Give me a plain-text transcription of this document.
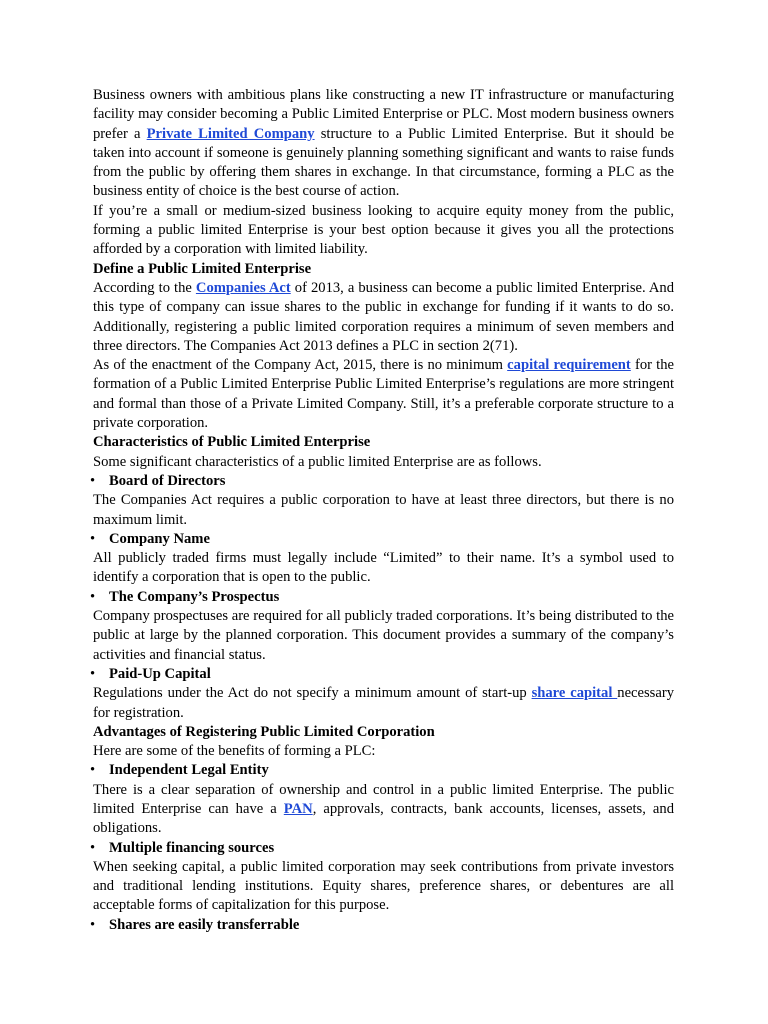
Business owners with ambitious plans like constructing a new IT infrastructure or manufacturing facility may consider becoming a Public Limited Enterprise or PLC. Most modern business owners prefer a Private Limited Company structure to a Public Limited Enterprise. But it should be taken into account if someone is genuinely planning something significant and wants to raise funds from the public by offering them shares in exchange. In that circumstance, forming a PLC as the business entity of choice is the best course of action.

If you’re a small or medium-sized business looking to acquire equity money from the public, forming a public limited Enterprise is your best option because it gives you all the protections afforded by a corporation with limited liability.

Define a Public Limited Enterprise

According to the Companies Act of 2013, a business can become a public limited Enterprise. And this type of company can issue shares to the public in exchange for funding if it wants to do so. Additionally, registering a public limited corporation requires a minimum of seven members and three directors. The Companies Act 2013 defines a PLC in section 2(71).

As of the enactment of the Company Act, 2015, there is no minimum capital requirement for the formation of a Public Limited Enterprise Public Limited Enterprise’s regulations are more stringent and formal than those of a Private Limited Company. Still, it’s a preferable corporate structure to a private corporation.

Characteristics of Public Limited Enterprise

Some significant characteristics of a public limited Enterprise are as follows.

• Board of Directors

The Companies Act requires a public corporation to have at least three directors, but there is no maximum limit.

• Company Name

All publicly traded firms must legally include “Limited” to their name. It’s a symbol used to identify a corporation that is open to the public.

• The Company’s Prospectus

Company prospectuses are required for all publicly traded corporations. It’s being distributed to the public at large by the planned corporation. This document provides a summary of the company’s activities and financial status.

• Paid-Up Capital

Regulations under the Act do not specify a minimum amount of start-up share capital necessary for registration.

Advantages of Registering Public Limited Corporation

Here are some of the benefits of forming a PLC:

• Independent Legal Entity

There is a clear separation of ownership and control in a public limited Enterprise. The public limited Enterprise can have a PAN, approvals, contracts, bank accounts, licenses, assets, and obligations.

• Multiple financing sources

When seeking capital, a public limited corporation may seek contributions from private investors and traditional lending institutions. Equity shares, preference shares, or debentures are all acceptable forms of capitalization for this purpose.

• Shares are easily transferrable
